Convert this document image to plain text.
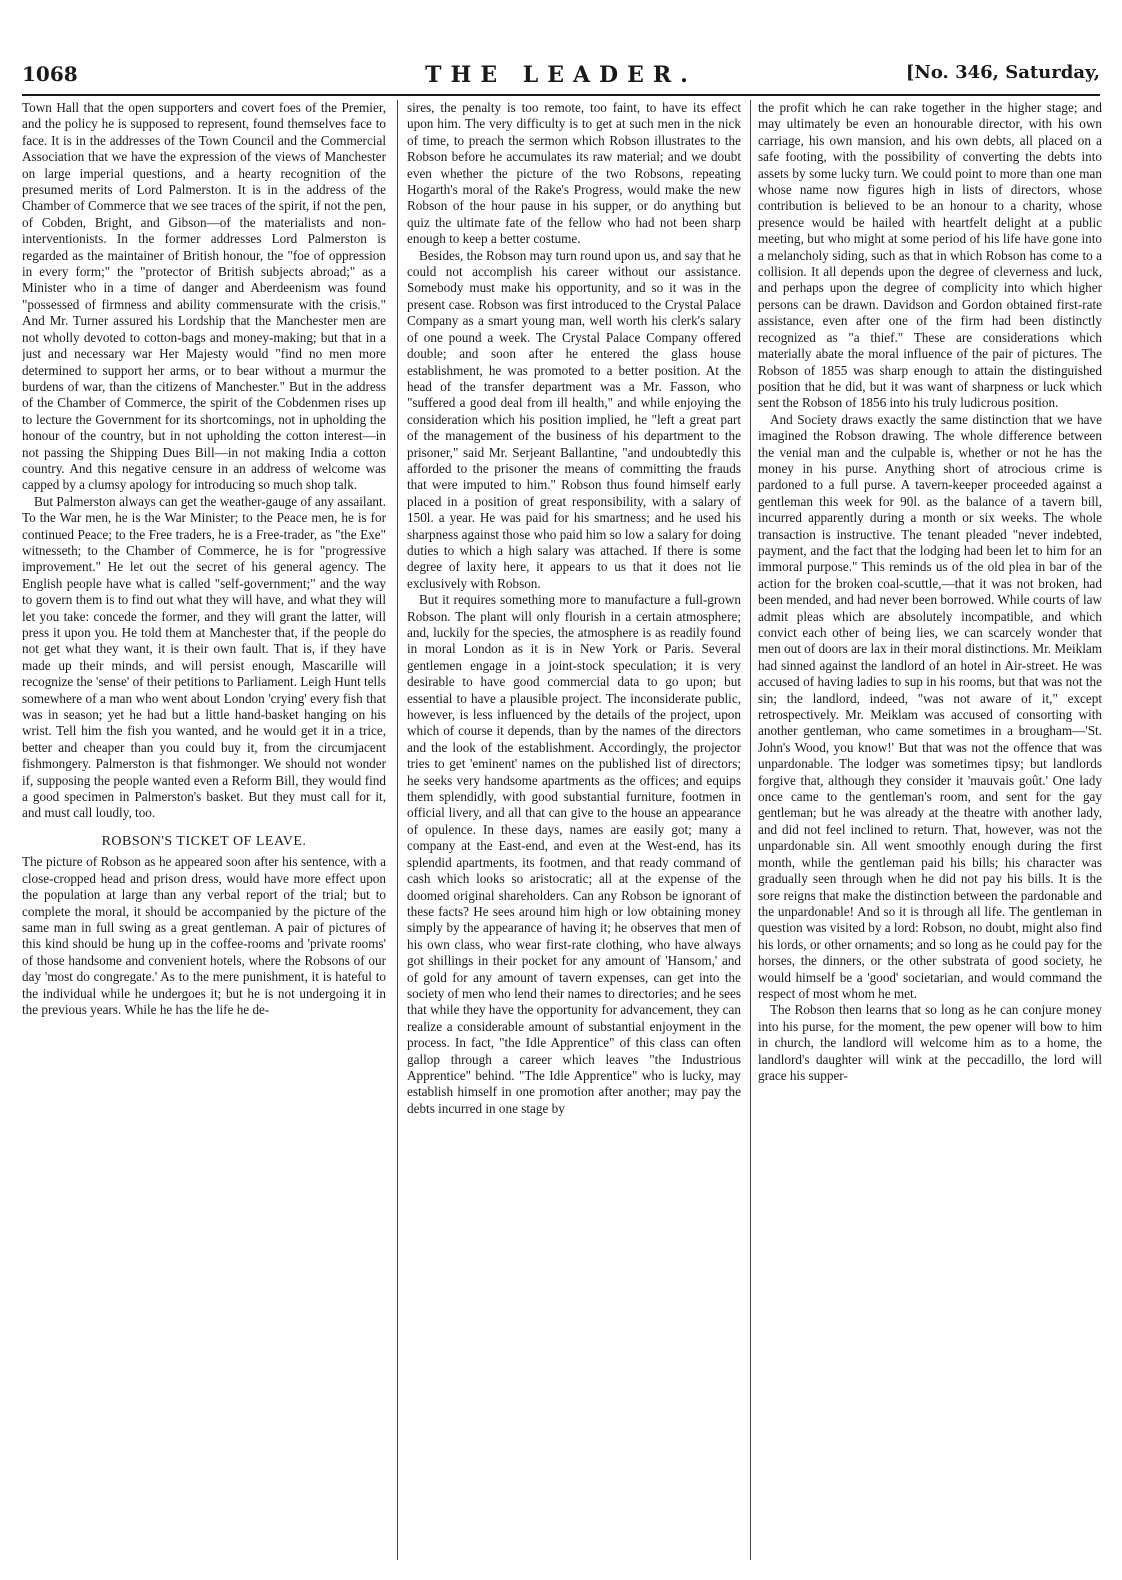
1068	THE LEADER.	[No. 346, Saturday,

Town Hall that the open supporters and covert foes of the Premier, and the policy he is supposed to represent, found themselves face to face. It is in the addresses of the Town Council and the Commercial Association that we have the expression of the views of Manchester on large imperial questions, and a hearty recognition of the presumed merits of Lord Palmerston. It is in the address of the Chamber of Commerce that we see traces of the spirit, if not the pen, of Cobden, Bright, and Gibson—of the materialists and non-interventionists. In the former addresses Lord Palmerston is regarded as the maintainer of British honour, the "foe of oppression in every form;" the "protector of British subjects abroad;" as a Minister who in a time of danger and Aberdeenism was found "possessed of firmness and ability commensurate with the crisis." And Mr. Turner assured his Lordship that the Manchester men are not wholly devoted to cotton-bags and money-making; but that in a just and necessary war Her Majesty would "find no men more determined to support her arms, or to bear without a murmur the burdens of war, than the citizens of Manchester." But in the address of the Chamber of Commerce, the spirit of the Cobdenmen rises up to lecture the Government for its shortcomings, not in upholding the honour of the country, but in not upholding the cotton interest—in not passing the Shipping Dues Bill—in not making India a cotton country. And this negative censure in an address of welcome was capped by a clumsy apology for introducing so much shop talk.

But Palmerston always can get the weather-gauge of any assailant. To the War men, he is the War Minister; to the Peace men, he is for continued Peace; to the Free traders, he is a Free-trader, as "the Exe" witnesseth; to the Chamber of Commerce, he is for "progressive improvement." He let out the secret of his general agency. The English people have what is called "self-government;" and the way to govern them is to find out what they will have, and what they will let you take: concede the former, and they will grant the latter, will press it upon you. He told them at Manchester that, if the people do not get what they want, it is their own fault. That is, if they have made up their minds, and will persist enough, Mascarille will recognize the 'sense' of their petitions to Parliament. Leigh Hunt tells somewhere of a man who went about London 'crying' every fish that was in season; yet he had but a little hand-basket hanging on his wrist. Tell him the fish you wanted, and he would get it in a trice, better and cheaper than you could buy it, from the circumjacent fishmongery. Palmerston is that fishmonger. We should not wonder if, supposing the people wanted even a Reform Bill, they would find a good specimen in Palmerston's basket. But they must call for it, and must call loudly, too.

ROBSON'S TICKET OF LEAVE.

The picture of Robson as he appeared soon after his sentence, with a close-cropped head and prison dress, would have more effect upon the population at large than any verbal report of the trial; but to complete the moral, it should be accompanied by the picture of the same man in full swing as a great gentleman. A pair of pictures of this kind should be hung up in the coffee-rooms and 'private rooms' of those handsome and convenient hotels, where the Robsons of our day 'most do congregate.' As to the mere punishment, it is hateful to the individual while he undergoes it; but he is not undergoing it in the previous years. While he has the life he de-

sires, the penalty is too remote, too faint, to have its effect upon him. The very difficulty is to get at such men in the nick of time, to preach the sermon which Robson illustrates to the Robson before he accumulates its raw material; and we doubt even whether the picture of the two Robsons, repeating Hogarth's moral of the Rake's Progress, would make the new Robson of the hour pause in his supper, or do anything but quiz the ultimate fate of the fellow who had not been sharp enough to keep a better costume.

Besides, the Robson may turn round upon us, and say that he could not accomplish his career without our assistance. Somebody must make his opportunity, and so it was in the present case. Robson was first introduced to the Crystal Palace Company as a smart young man, well worth his clerk's salary of one pound a week. The Crystal Palace Company offered double; and soon after he entered the glass house establishment, he was promoted to a better position. At the head of the transfer department was a Mr. Fasson, who "suffered a good deal from ill health," and while enjoying the consideration which his position implied, he "left a great part of the management of the business of his department to the prisoner," said Mr. Serjeant Ballantine, "and undoubtedly this afforded to the prisoner the means of committing the frauds that were imputed to him." Robson thus found himself early placed in a position of great responsibility, with a salary of 150l. a year. He was paid for his smartness; and he used his sharpness against those who paid him so low a salary for doing duties to which a high salary was attached. If there is some degree of laxity here, it appears to us that it does not lie exclusively with Robson.

But it requires something more to manufacture a full-grown Robson. The plant will only flourish in a certain atmosphere; and, luckily for the species, the atmosphere is as readily found in moral London as it is in New York or Paris. Several gentlemen engage in a joint-stock speculation; it is very desirable to have good commercial data to go upon; but essential to have a plausible project. The inconsiderate public, however, is less influenced by the details of the project, upon which of course it depends, than by the names of the directors and the look of the establishment. Accordingly, the projector tries to get 'eminent' names on the published list of directors; he seeks very handsome apartments as the offices; and equips them splendidly, with good substantial furniture, footmen in official livery, and all that can give to the house an appearance of opulence. In these days, names are easily got; many a company at the East-end, and even at the West-end, has its splendid apartments, its footmen, and that ready command of cash which looks so aristocratic; all at the expense of the doomed original shareholders. Can any Robson be ignorant of these facts? He sees around him high or low obtaining money simply by the appearance of having it; he observes that men of his own class, who wear first-rate clothing, who have always got shillings in their pocket for any amount of 'Hansom,' and of gold for any amount of tavern expenses, can get into the society of men who lend their names to directories; and he sees that while they have the opportunity for advancement, they can realize a considerable amount of substantial enjoyment in the process. In fact, "the Idle Apprentice" of this class can often gallop through a career which leaves "the Industrious Apprentice" behind. "The Idle Apprentice" who is lucky, may establish himself in one promotion after another; may pay the debts incurred in one stage by

the profit which he can rake together in the higher stage; and may ultimately be even an honourable director, with his own carriage, his own mansion, and his own debts, all placed on a safe footing, with the possibility of converting the debts into assets by some lucky turn. We could point to more than one man whose name now figures high in lists of directors, whose contribution is believed to be an honour to a charity, whose presence would be hailed with heartfelt delight at a public meeting, but who might at some period of his life have gone into a melancholy siding, such as that in which Robson has come to a collision. It all depends upon the degree of cleverness and luck, and perhaps upon the degree of complicity into which higher persons can be drawn. Davidson and Gordon obtained first-rate assistance, even after one of the firm had been distinctly recognized as "a thief." These are considerations which materially abate the moral influence of the pair of pictures. The Robson of 1855 was sharp enough to attain the distinguished position that he did, but it was want of sharpness or luck which sent the Robson of 1856 into his truly ludicrous position.

And Society draws exactly the same distinction that we have imagined the Robson drawing. The whole difference between the venial man and the culpable is, whether or not he has the money in his purse. Anything short of atrocious crime is pardoned to a full purse. A tavern-keeper proceeded against a gentleman this week for 90l. as the balance of a tavern bill, incurred apparently during a month or six weeks. The whole transaction is instructive. The tenant pleaded "never indebted, payment, and the fact that the lodging had been let to him for an immoral purpose." This reminds us of the old plea in bar of the action for the broken coal-scuttle,—that it was not broken, had been mended, and had never been borrowed. While courts of law admit pleas which are absolutely incompatible, and which convict each other of being lies, we can scarcely wonder that men out of doors are lax in their moral distinctions. Mr. Meiklam had sinned against the landlord of an hotel in Air-street. He was accused of having ladies to sup in his rooms, but that was not the sin; the landlord, indeed, "was not aware of it," except retrospectively. Mr. Meiklam was accused of consorting with another gentleman, who came sometimes in a brougham—'St. John's Wood, you know!' But that was not the offence that was unpardonable. The lodger was sometimes tipsy; but landlords forgive that, although they consider it 'mauvais goût.' One lady once came to the gentleman's room, and sent for the gay gentleman; but he was already at the theatre with another lady, and did not feel inclined to return. That, however, was not the unpardonable sin. All went smoothly enough during the first month, while the gentleman paid his bills; his character was gradually seen through when he did not pay his bills. It is the sore reigns that make the distinction between the pardonable and the unpardonable! And so it is through all life. The gentleman in question was visited by a lord: Robson, no doubt, might also find his lords, or other ornaments; and so long as he could pay for the horses, the dinners, or the other substrata of good society, he would himself be a 'good' societarian, and would command the respect of most whom he met.

The Robson then learns that so long as he can conjure money into his purse, for the moment, the pew opener will bow to him in church, the landlord will welcome him as to a home, the landlord's daughter will wink at the peccadillo, the lord will grace his supper-
